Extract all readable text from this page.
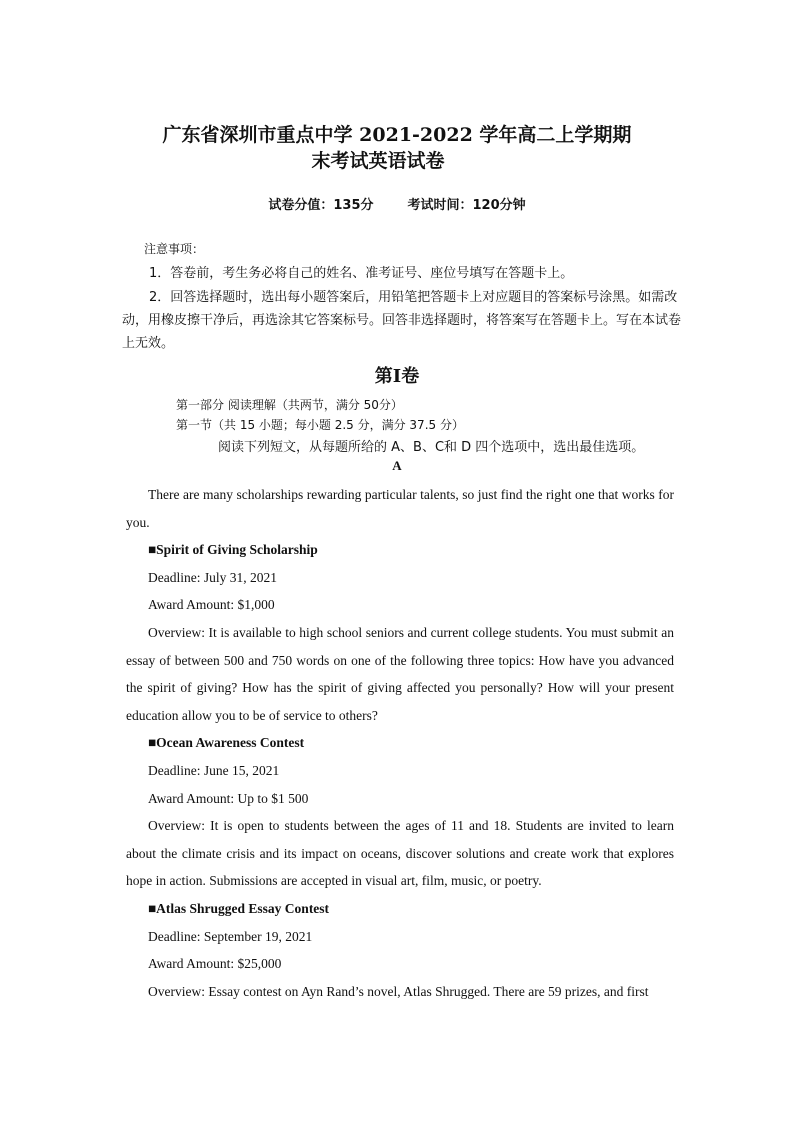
广东省深圳市重点中学 2021-2022 学年高二上学期期
末考试英语试卷
试卷分值：135分	考试时间：120分钟
注意事项：
1．答卷前，考生务必将自己的姓名、准考证号、座位号填写在答题卡上。
2．回答选择题时，选出每小题答案后，用铅笔把答题卡上对应题目的答案标号涂黑。如需改动，用橡皮擦干净后，再选涂其它答案标号。回答非选择题时，将答案写在答题卡上。写在本试卷上无效。
第Ⅰ卷
第一部分 阅读理解（共两节，满分 50分）
第一节（共 15 小题；每小题 2.5 分，满分 37.5 分）
阅读下列短文，从每题所给的 A、B、C和 D 四个选项中，选出最佳选项。
A

There are many scholarships rewarding particular talents, so just find the right one that works for you.

■Spirit of Giving Scholarship

Deadline: July 31, 2021

Award Amount: $1,000

Overview: It is available to high school seniors and current college students. You must submit an essay of between 500 and 750 words on one of the following three topics: How have you advanced the spirit of giving? How has the spirit of giving affected you personally? How will your present education allow you to be of service to others?

■Ocean Awareness Contest

Deadline: June 15, 2021

Award Amount: Up to $1 500

Overview: It is open to students between the ages of 11 and 18. Students are invited to learn about the climate crisis and its impact on oceans, discover solutions and create work that explores hope in action. Submissions are accepted in visual art, film, music, or poetry.

■Atlas Shrugged Essay Contest

Deadline: September 19, 2021

Award Amount: $25,000

Overview: Essay contest on Ayn Rand’s novel, Atlas Shrugged. There are 59 prizes, and first
